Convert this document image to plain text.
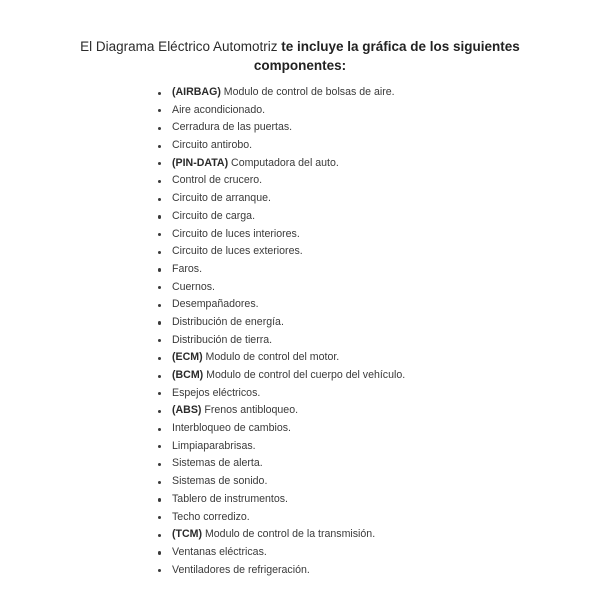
El Diagrama Eléctrico Automotriz te incluye la gráfica de los siguientes componentes:
(AIRBAG) Modulo de control de bolsas de aire.
Aire acondicionado.
Cerradura de las puertas.
Circuito antirobo.
(PIN-DATA) Computadora del auto.
Control de crucero.
Circuito de arranque.
Circuito de carga.
Circuito de luces interiores.
Circuito de luces exteriores.
Faros.
Cuernos.
Desempañadores.
Distribución de energía.
Distribución de tierra.
(ECM) Modulo de control del motor.
(BCM) Modulo de control del cuerpo del vehículo.
Espejos eléctricos.
(ABS) Frenos antibloqueo.
Interbloqueo de cambios.
Limpiaparabrisas.
Sistemas de alerta.
Sistemas de sonido.
Tablero de instrumentos.
Techo corredizo.
(TCM) Modulo de control de la transmisión.
Ventanas eléctricas.
Ventiladores de refrigeración.
